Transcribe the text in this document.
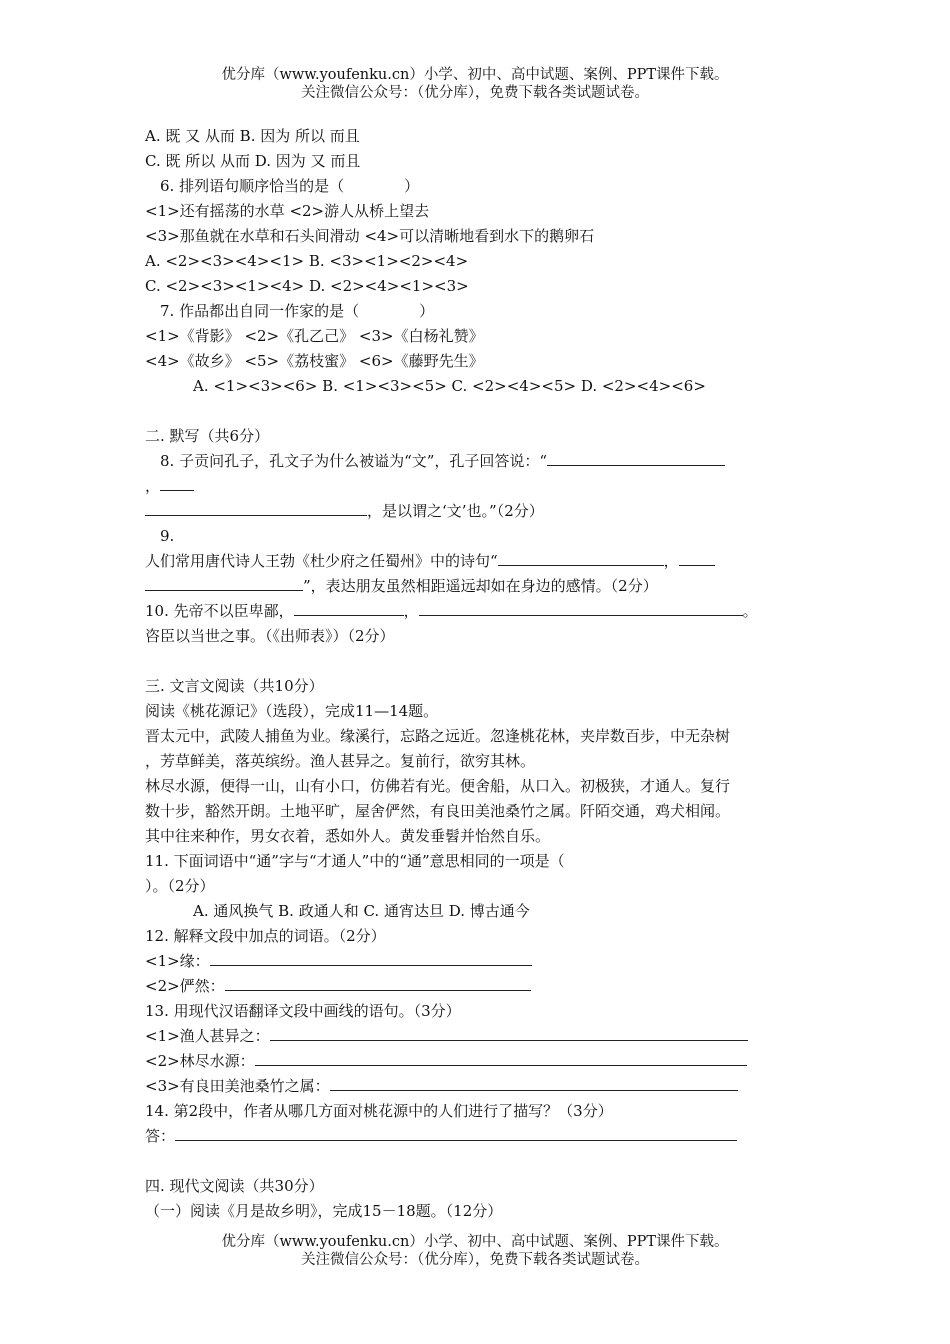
优分库（www.youfenku.cn）小学、初中、高中试题、案例、PPT课件下载。
关注微信公众号：（优分库），免费下载各类试题试卷。
A. 既 又 从而 B. 因为 所以 而且
C. 既 所以 从而 D. 因为 又 而且
6. 排列语句顺序恰当的是（　　　　）
<1>还有摇荡的水草 <2>游人从桥上望去
<3>那鱼就在水草和石头间滑动 <4>可以清晰地看到水下的鹅卵石
A. <2><3><4><1> B. <3><1><2><4>
C. <2><3><1><4> D. <2><4><1><3>
7. 作品都出自同一作家的是（　　　　）
<1>《背影》 <2>《孔乙己》 <3>《白杨礼赞》
<4>《故乡》 <5>《荔枝蜜》 <6>《藤野先生》
A. <1><3><6> B. <1><3><5> C. <2><4><5> D. <2><4><6>
二. 默写（共6分）
8. 子贡问孔子，孔文子为什么被谥为“文”，孔子回答说：“
，
，是以谓之‘文’也。”（2分）
9.
人们常用唐代诗人王勃《杜少府之任蜀州》中的诗句“	，
”，表达朋友虽然相距遥远却如在身边的感情。（2分）
10. 先帝不以臣卑鄙，	，	。
咨臣以当世之事。（《出师表》）（2分）
三. 文言文阅读（共10分）
阅读《桃花源记》（选段），完成11—14题。
晋太元中，武陵人捕鱼为业。缘溪行，忘路之远近。忽逢桃花林，夹岸数百步，中无杂树
，芳草鲜美，落英缤纷。渔人甚异之。复前行，欲穷其林。
林尽水源，便得一山，山有小口，仿佛若有光。便舍船，从口入。初极狭，才通人。复行
数十步，豁然开朗。土地平旷，屋舍俨然，有良田美池桑竹之属。阡陌交通，鸡犬相闻。
其中往来种作，男女衣着，悉如外人。黄发垂髫并怡然自乐。
11. 下面词语中“通”字与“才通人”中的“通”意思相同的一项是（
）。（2分）
A. 通风换气 B. 政通人和 C. 通宵达旦 D. 博古通今
12. 解释文段中加点的词语。（2分）
<1>缘：
<2>俨然：
13. 用现代汉语翻译文段中画线的语句。（3分）
<1>渔人甚异之：
<2>林尽水源：
<3>有良田美池桑竹之属：
14. 第2段中，作者从哪几方面对桃花源中的人们进行了描写？（3分）
答：
四. 现代文阅读（共30分）
（一）阅读《月是故乡明》，完成15－18题。（12分）
优分库（www.youfenku.cn）小学、初中、高中试题、案例、PPT课件下载。
关注微信公众号：（优分库），免费下载各类试题试卷。
